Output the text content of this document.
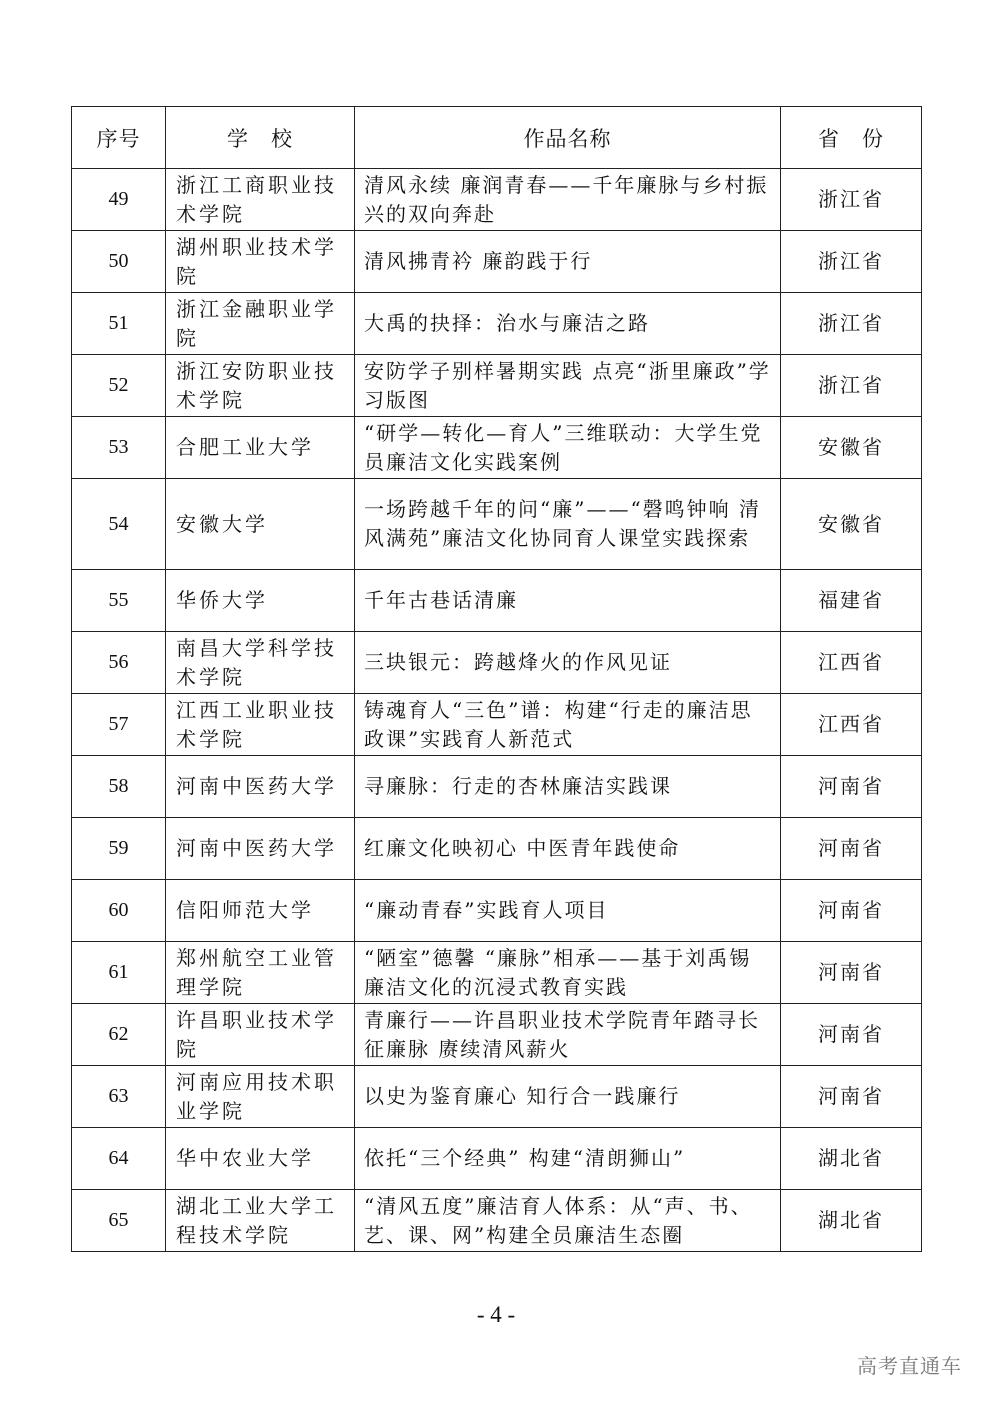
序号	学　校	作品名称	省　份
49	浙江工商职业技术学院	清风永续 廉润青春——千年廉脉与乡村振兴的双向奔赴	浙江省
50	湖州职业技术学院	清风拂青衿 廉韵践于行	浙江省
51	浙江金融职业学院	大禹的抉择：治水与廉洁之路	浙江省
52	浙江安防职业技术学院	安防学子别样暑期实践 点亮“浙里廉政”学习版图	浙江省
53	合肥工业大学	“研学—转化—育人”三维联动：大学生党员廉洁文化实践案例	安徽省
54	安徽大学	一场跨越千年的问“廉”——“磬鸣钟响 清风满苑”廉洁文化协同育人课堂实践探索	安徽省
55	华侨大学	千年古巷话清廉	福建省
56	南昌大学科学技术学院	三块银元：跨越烽火的作风见证	江西省
57	江西工业职业技术学院	铸魂育人“三色”谱：构建“行走的廉洁思政课”实践育人新范式	江西省
58	河南中医药大学	寻廉脉：行走的杏林廉洁实践课	河南省
59	河南中医药大学	红廉文化映初心 中医青年践使命	河南省
60	信阳师范大学	“廉动青春”实践育人项目	河南省
61	郑州航空工业管理学院	“陋室”德馨 “廉脉”相承——基于刘禹锡廉洁文化的沉浸式教育实践	河南省
62	许昌职业技术学院	青廉行——许昌职业技术学院青年踏寻长征廉脉 赓续清风薪火	河南省
63	河南应用技术职业学院	以史为鉴育廉心 知行合一践廉行	河南省
64	华中农业大学	依托“三个经典” 构建“清朗狮山”	湖北省
65	湖北工业大学工程技术学院	“清风五度”廉洁育人体系：从“声、书、艺、课、网”构建全员廉洁生态圈	湖北省
- 4 -
高考直通车
